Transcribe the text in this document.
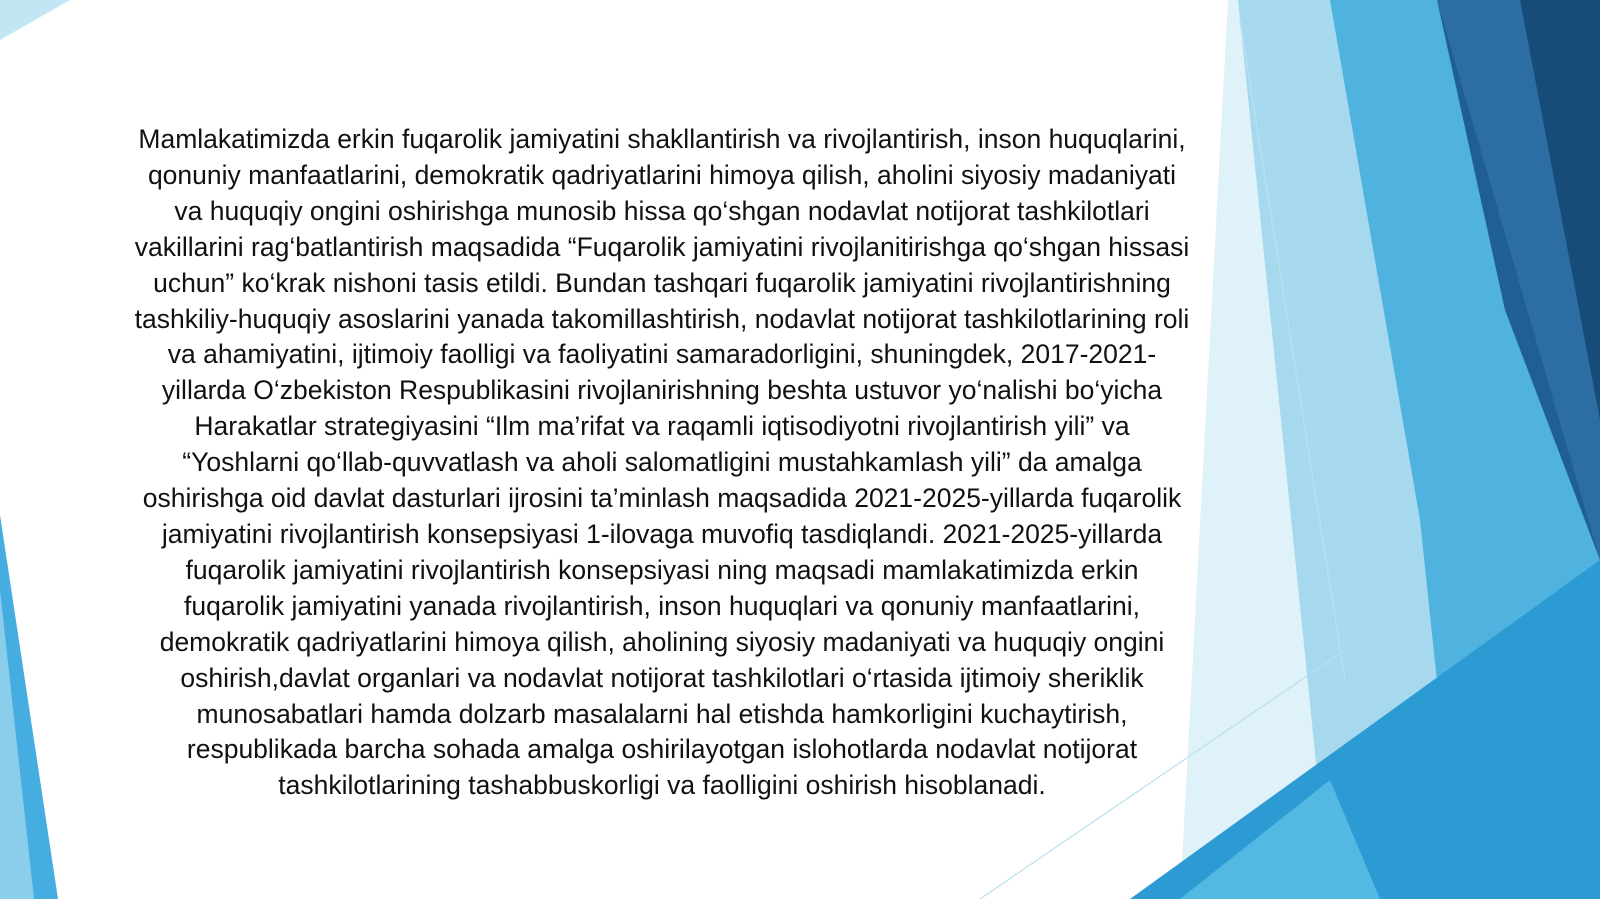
Mamlakatimizda erkin fuqarolik jamiyatini shakllantirish va rivojlantirish, inson huquqlarini,
qonuniy manfaatlarini, demokratik qadriyatlarini himoya qilish, aholini siyosiy madaniyati
va huquqiy ongini oshirishga munosib hissa qo‘shgan nodavlat notijorat tashkilotlari
vakillarini rag‘batlantirish maqsadida “Fuqarolik jamiyatini rivojlanitirishga qo‘shgan hissasi
uchun” ko‘krak nishoni tasis etildi. Bundan tashqari fuqarolik jamiyatini rivojlantirishning
tashkiliy-huquqiy asoslarini yanada takomillashtirish, nodavlat notijorat tashkilotlarining roli
va ahamiyatini, ijtimoiy faolligi va faoliyatini samaradorligini, shuningdek, 2017-2021-
yillarda O‘zbekiston Respublikasini rivojlanirishning beshta ustuvor yo‘nalishi bo‘yicha
Harakatlar strategiyasini “Ilm ma’rifat va raqamli iqtisodiyotni rivojlantirish yili” va
“Yoshlarni qo‘llab-quvvatlash va aholi salomatligini mustahkamlash yili” da amalga
oshirishga oid davlat dasturlari ijrosini ta’minlash maqsadida 2021-2025-yillarda fuqarolik
jamiyatini rivojlantirish konsepsiyasi 1-ilovaga muvofiq tasdiqlandi. 2021-2025-yillarda
fuqarolik jamiyatini rivojlantirish konsepsiyasi ning maqsadi mamlakatimizda erkin
fuqarolik jamiyatini yanada rivojlantirish, inson huquqlari va qonuniy manfaatlarini,
demokratik qadriyatlarini himoya qilish, aholining siyosiy madaniyati va huquqiy ongini
oshirish,davlat organlari va nodavlat notijorat tashkilotlari o‘rtasida ijtimoiy sheriklik
munosabatlari hamda dolzarb masalalarni hal etishda hamkorligini kuchaytirish,
respublikada barcha sohada amalga oshirilayotgan islohotlarda nodavlat notijorat
tashkilotlarining tashabbuskorligi va faolligini oshirish hisoblanadi.
